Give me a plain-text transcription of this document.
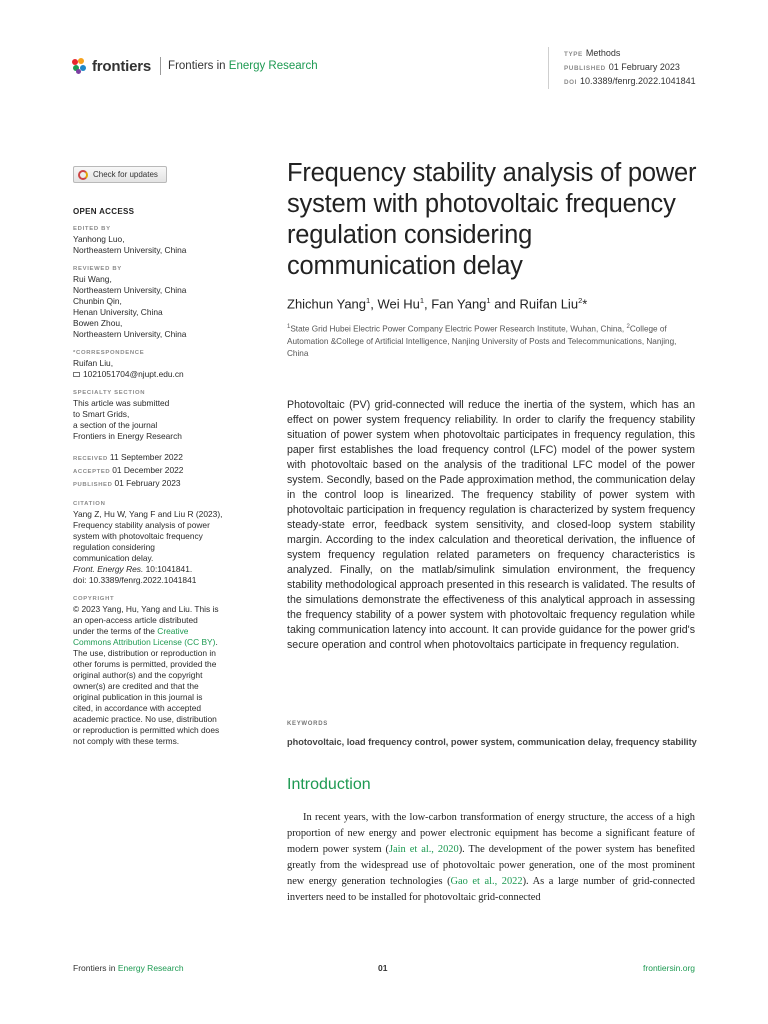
frontiers Frontiers in Energy Research
TYPE Methods
PUBLISHED 01 February 2023
DOI 10.3389/fenrg.2022.1041841
Check for updates
OPEN ACCESS
EDITED BY
Yanhong Luo,
Northeastern University, China
REVIEWED BY
Rui Wang,
Northeastern University, China
Chunbin Qin,
Henan University, China
Bowen Zhou,
Northeastern University, China
*CORRESPONDENCE
Ruifan Liu,
1021051704@njupt.edu.cn
SPECIALTY SECTION
This article was submitted
to Smart Grids,
a section of the journal
Frontiers in Energy Research
RECEIVED 11 September 2022
ACCEPTED 01 December 2022
PUBLISHED 01 February 2023
CITATION
Yang Z, Hu W, Yang F and Liu R (2023),
Frequency stability analysis of power
system with photovoltaic frequency
regulation considering
communication delay.
Front. Energy Res. 10:1041841.
doi: 10.3389/fenrg.2022.1041841
COPYRIGHT
© 2023 Yang, Hu, Yang and Liu. This is
an open-access article distributed
under the terms of the Creative
Commons Attribution License (CC BY).
The use, distribution or reproduction in
other forums is permitted, provided the
original author(s) and the copyright
owner(s) are credited and that the
original publication in this journal is
cited, in accordance with accepted
academic practice. No use, distribution
or reproduction is permitted which does
not comply with these terms.
Frequency stability analysis of power system with photovoltaic frequency regulation considering communication delay
Zhichun Yang$^1$, Wei Hu$^1$, Fan Yang$^1$ and Ruifan Liu$^2$*
$^1$State Grid Hubei Electric Power Company Electric Power Research Institute, Wuhan, China, $^2$College of Automation &College of Artificial Intelligence, Nanjing University of Posts and Telecommunications, Nanjing, China

Photovoltaic (PV) grid-connected will reduce the inertia of the system, which has an effect on power system frequency reliability. In order to clarify the frequency stability situation of power system when photovoltaic participates in frequency regulation, this paper first establishes the load frequency control (LFC) model of the power system with photovoltaic based on the analysis of the traditional LFC model of the power system. Secondly, based on the Pade approximation method, the communication delay in the control loop is linearized. The frequency stability of power system with photovoltaic participation in frequency regulation is characterized by system frequency steady-state error, feedback system sensitivity, and closed-loop system stability margin. According to the index calculation and theoretical derivation, the influence of system frequency regulation related parameters on frequency characteristics is analyzed. Finally, on the matlab/simulink simulation environment, the frequency stability methodological approach presented in this research is validated. The results of the simulations demonstrate the effectiveness of this analytical approach in assessing the frequency stability of a power system with photovoltaic frequency regulation while taking communication latency into account. It can provide guidance for the power grid's secure operation and control when photovoltaics participate in frequency regulation.

KEYWORDS
photovoltaic, load frequency control, power system, communication delay, frequency stability
Introduction

In recent years, with the low-carbon transformation of energy structure, the access of a high proportion of new energy and power electronic equipment has become a significant feature of modern power system (Jain et al., 2020). The development of the power system has benefited greatly from the widespread use of photovoltaic power generation, one of the most prominent new energy generation technologies (Gao et al., 2022). As a large number of grid-connected inverters need to be installed for photovoltaic grid-connected

Frontiers in Energy Research	01	frontiersin.org
